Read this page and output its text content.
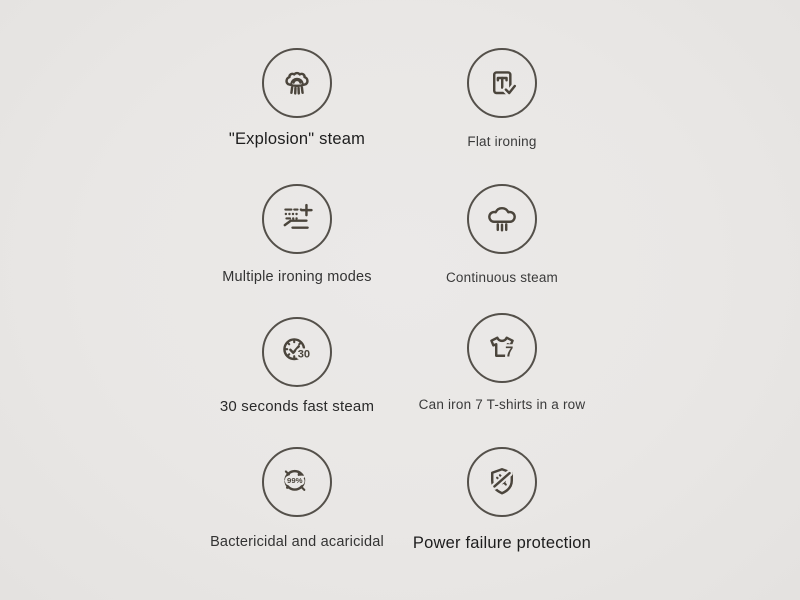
"Explosion" steam	Flat ironing

Multiple ironing modes	Continuous steam

30

30 seconds fast steam

7

Can iron 7 T-shirts in a row

99%

Bactericidal and acaricidal	Power failure protection
